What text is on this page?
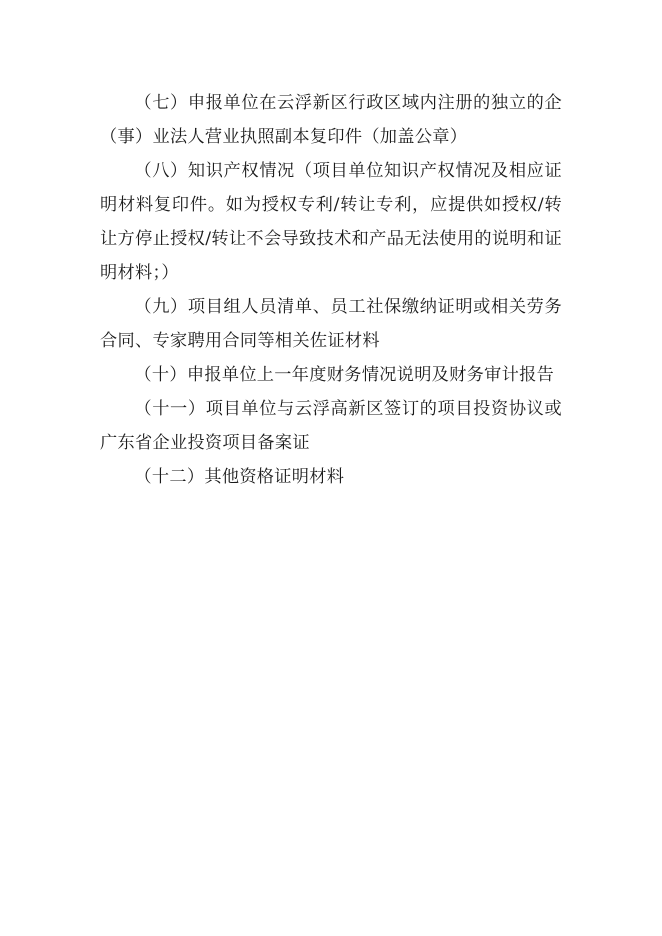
（七）申报单位在云浮新区行政区域内注册的独立的企（事）业法人营业执照副本复印件（加盖公章）

（八）知识产权情况（项目单位知识产权情况及相应证明材料复印件。如为授权专利/转让专利，应提供如授权/转让方停止授权/转让不会导致技术和产品无法使用的说明和证明材料；）

（九）项目组人员清单、员工社保缴纳证明或相关劳务合同、专家聘用合同等相关佐证材料

（十）申报单位上一年度财务情况说明及财务审计报告

（十一）项目单位与云浮高新区签订的项目投资协议或广东省企业投资项目备案证

（十二）其他资格证明材料
